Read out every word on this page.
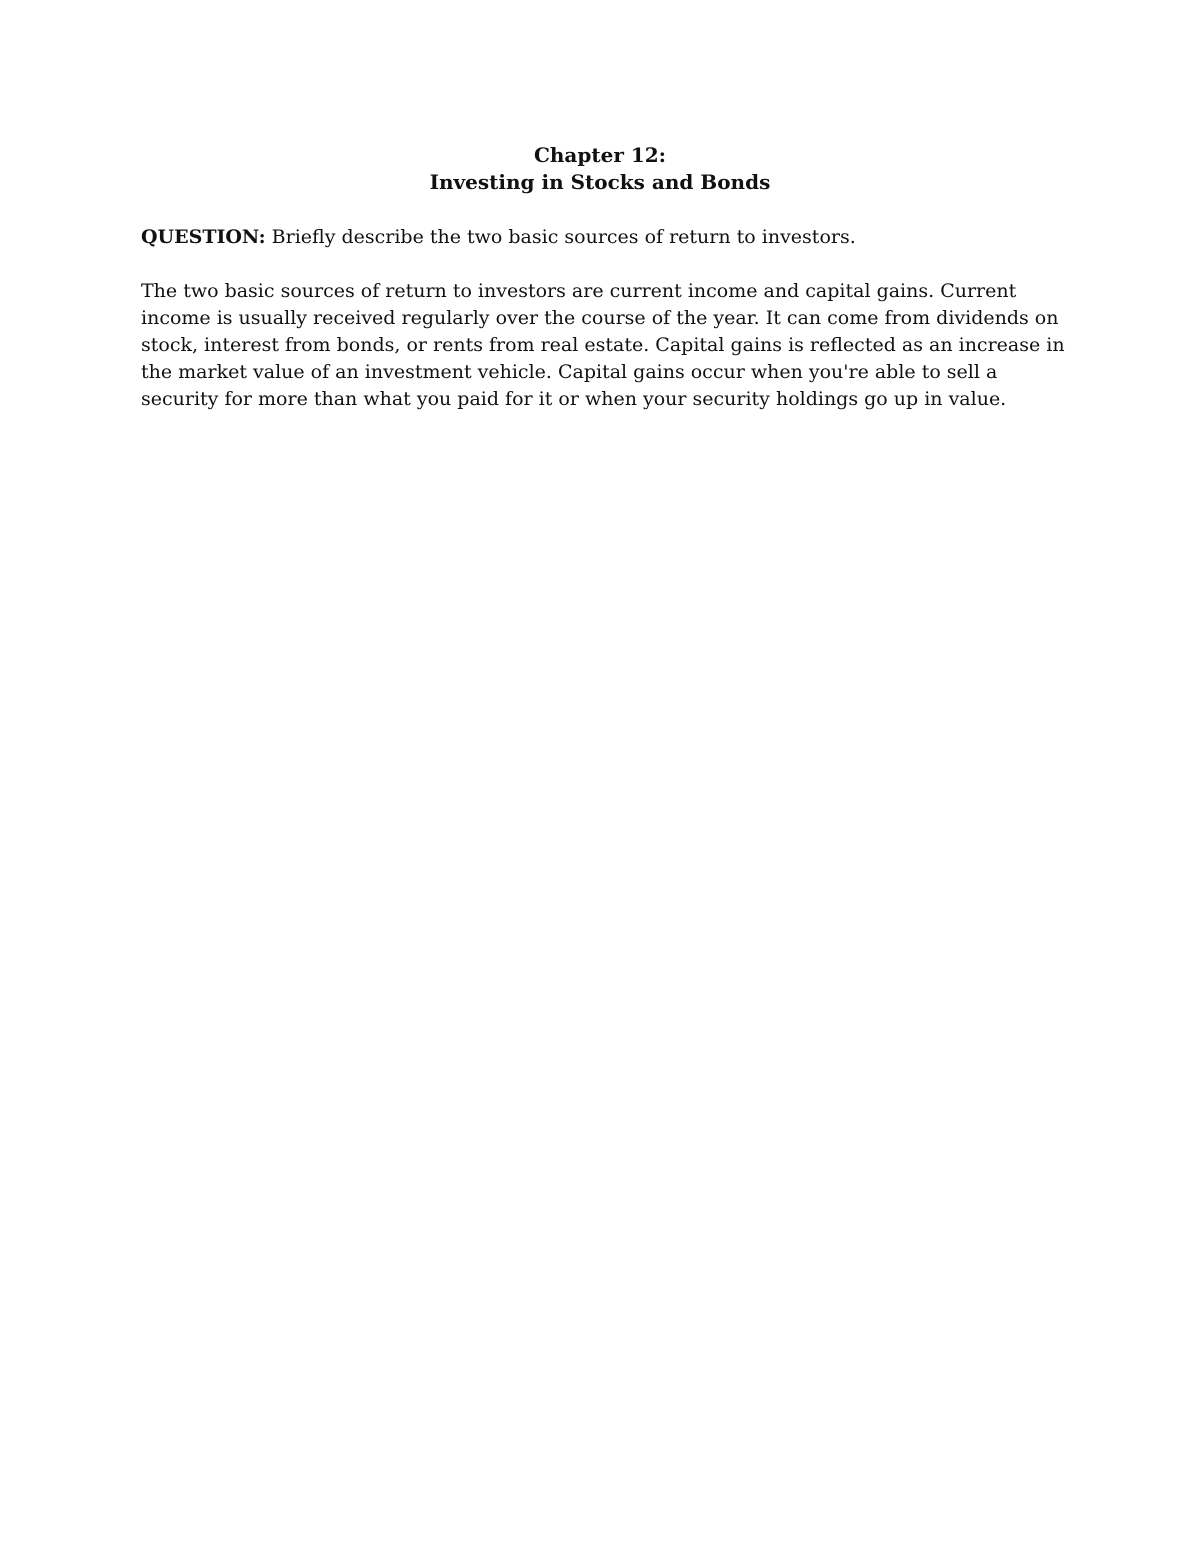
Chapter 12:
Investing in Stocks and Bonds

QUESTION: Briefly describe the two basic sources of return to investors.

The two basic sources of return to investors are current income and capital gains. Current income is usually received regularly over the course of the year. It can come from dividends on stock, interest from bonds, or rents from real estate. Capital gains is reflected as an increase in the market value of an investment vehicle. Capital gains occur when you're able to sell a security for more than what you paid for it or when your security holdings go up in value.
